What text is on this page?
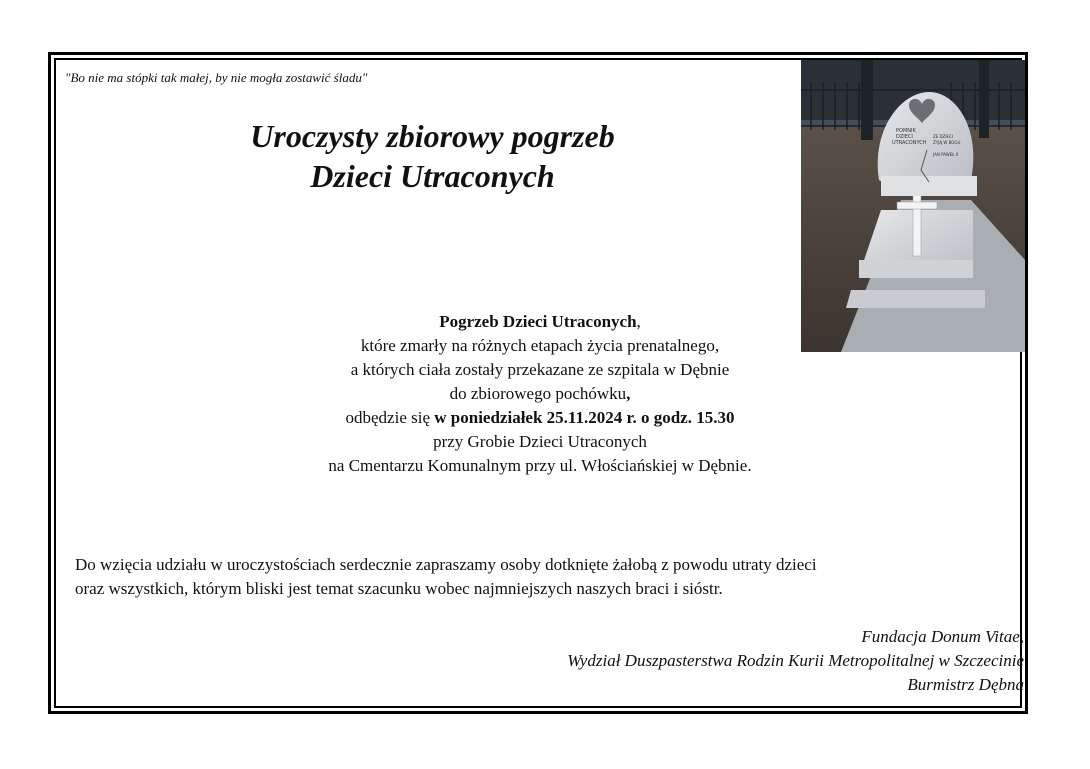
"Bo nie ma stópki tak małej, by nie mogła zostawić śladu"
Uroczysty zbiorowy pogrzeb
Dzieci Utraconych
POMNIK
DZIECI
UTRACONYCH
ZE DZIECI
ŻYJĄ W BOGU
JAN PAWEŁ II
Pogrzeb Dzieci Utraconych,
które zmarły na różnych etapach życia prenatalnego,
a których ciała zostały przekazane ze szpitala w Dębnie
do zbiorowego pochówku,
odbędzie się w poniedziałek 25.11.2024 r. o godz. 15.30
przy Grobie Dzieci Utraconych
na Cmentarzu Komunalnym przy ul. Włościańskiej w Dębnie.
Do wzięcia udziału w uroczystościach serdecznie zapraszamy osoby dotknięte żałobą z powodu utraty dzieci
oraz wszystkich, którym bliski jest temat szacunku wobec najmniejszych naszych braci i sióstr.
Fundacja Donum Vitae,
Wydział Duszpasterstwa Rodzin Kurii Metropolitalnej w Szczecinie
Burmistrz Dębna
